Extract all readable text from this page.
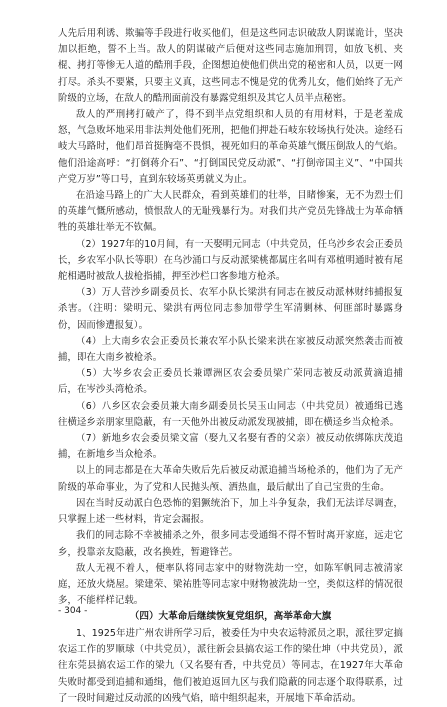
人先后用利诱、欺骗等手段进行收买他们，但是这些同志识破敌人阴谋诡计，坚决加以拒绝，誓不上当。敌人的阴谋破产后便对这些同志施加刑罚，如放飞机、夹棍、拷打等惨无人道的酷刑手段，企图想迫使他们供出党的秘密和人员，以更一网打尽。杀头不要紧，只要主义真，这些同志不愧是党的优秀儿女，他们始终了无产阶级的立场，在敌人的酷刑面前没有暴露党组织及其它人员半点秘密。

敌人的严刑拷打破产了，得不到半点党组织和人员的有用材料，于是老羞成怒，气急败坏地采用非法判处他们死刑，把他们押赴石岐东较场执行处决。途经石岐大马路时，他们昂首挺胸毫不畏惧，视死如归的革命英雄气慨压倒敌人的气焰。他们沿途高呼：“打倒蒋介石”、“打倒国民党反动派”、“打倒帝国主义”、“中国共产党万岁”等口号，直到东较场英勇就义为止。

在沿途马路上的广大人民群众，看到英雄们的壮举，目睹惨案，无不为烈士们的英雄气慨所感动，愤恨敌人的无耻残暴行为。对我们共产党员先锋战士为革命牺牲的英雄壮举无不钦佩。

（2）1927年的10月间，有一天娶明元同志（中共党员，任乌沙乡农会正委员长，乡农军小队长等职）在乌沙涌口与反动派梁桃都属庄名叫有邓植明通时被有尾舵相遇时被敌人拔枪指捕，押至沙栏口客参地方枪杀。

（3）万人营沙乡副委员长、农军小队长梁洪有同志在被反动派林财纬捕报复杀害。（注明：梁明元、梁洪有两位同志参加带学生军清剿林、何匪部时暴露身份，因而惨遭报复）。

（4）上大南乡农会正委员长兼农军小队长梁来洪在家被反动派突然袭击而被捕，即在大南乡被枪杀。

（5）大岑乡农会正委员长兼谭洲区农会委员梁广荣同志被反动派黄滴追捕后，在岑沙头湾枪杀。

（6）八乡区农会委员兼大南乡副委员长吴玉山同志（中共党员）被通缉已逃往横迳乡亲朋家里隐蔽，有一天他外出被反动派发现被捕，即在横迳乡当众枪杀。

（7）新地乡农会委员梁文富（娶九又名娶有香的父亲）被反动依绑陈庆茂追捕，在新地乡当众枪杀。

以上的同志都是在大革命失败后先后被反动派追捕当场枪杀的，他们为了无产阶级的革命事业，为了党和人民抛头颅、洒热血，最后献出了自己宝贵的生命。

因在当时反动派白色恐怖的猖獗统治下，加上斗争复杂，我们无法详尽调查，只掌握上述一些材料，肯定会漏报。

我们的同志除不幸被捕杀之外，很多同志受通缉不得不暂时离开家庭，远走它乡，投靠亲友隐蔽，改名换姓，暂避锋芒。

敌人无视不着人，便率队将同志家中的财物洗劫一空，如陈军帆同志被清家庭，还放火烧屋。梁建荣、梁祐胜等同志家中财物被洗劫一空，类似这样的情况很多，不能样样记载。

（四）大革命后继续恢复党组织，高举革命大旗

1、1925年进广州农讲所学习后，被委任为中央农运特派员之职，派往罗定搞农运工作的罗顺球（中共党员），派往新会县搞农运工作的梁仕坤（中共党员），派往东莞县搞农运工作的梁九（又名娶有香，中共党员）等同志，在1927年大革命失败时都受到追捕和通缉，他们被迫返回九区与我们隐蔽的同志逐个取得联系，过了一段时间避过反动派的凶残气焰，暗中组织起来，开展地下革命活动。

- 304 -
